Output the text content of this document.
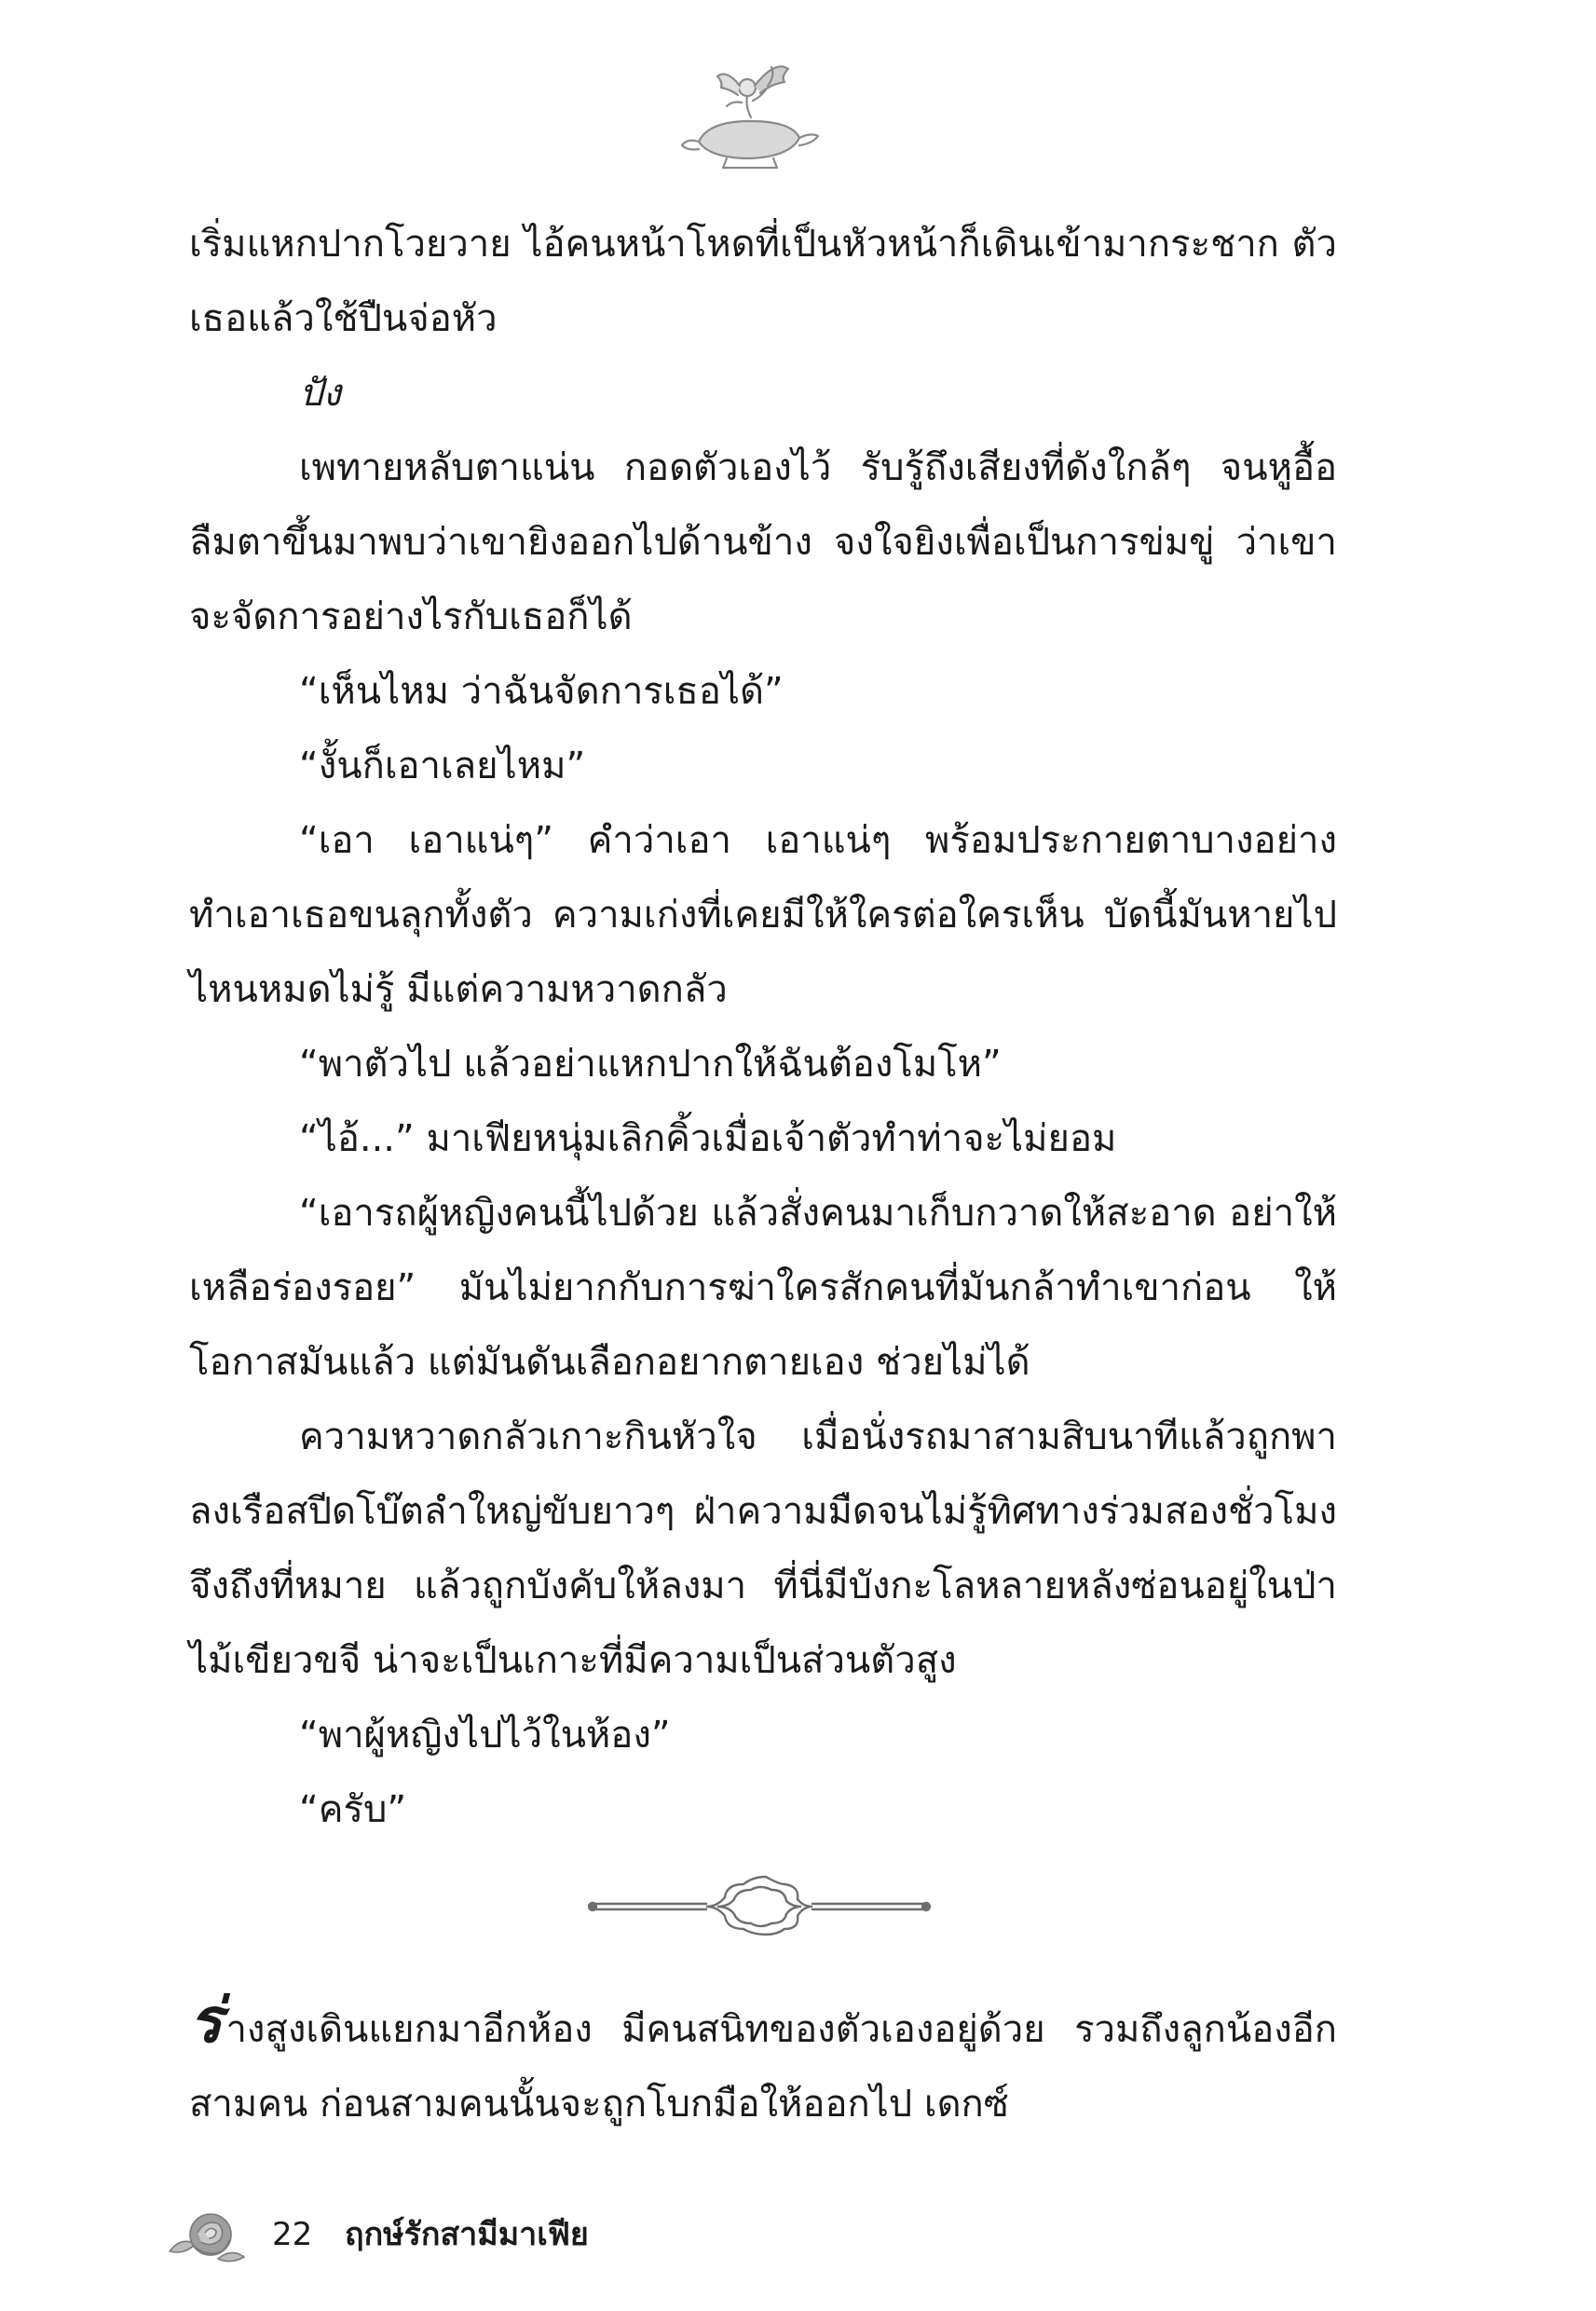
เริ่มแหกปากโวยวาย ไอ้คนหน้าโหดที่เป็นหัวหน้าก็เดินเข้ามากระชาก ตัวเธอแล้วใช้ปืนจ่อหัว

ปัง

เพทายหลับตาแน่น กอดตัวเองไว้ รับรู้ถึงเสียงที่ดังใกล้ๆ จนหูอื้อ ลืมตาขึ้นมาพบว่าเขายิงออกไปด้านข้าง จงใจยิงเพื่อเป็นการข่มขู่ ว่าเขาจะจัดการอย่างไรกับเธอก็ได้

“เห็นไหม ว่าฉันจัดการเธอได้”

“งั้นก็เอาเลยไหม”

“เอา เอาแน่ๆ” คำว่าเอา เอาแน่ๆ พร้อมประกายตาบางอย่าง ทำเอาเธอขนลุกทั้งตัว ความเก่งที่เคยมีให้ใครต่อใครเห็น บัดนี้มันหายไปไหนหมดไม่รู้ มีแต่ความหวาดกลัว

“พาตัวไป แล้วอย่าแหกปากให้ฉันต้องโมโห”

“ไอ้...” มาเฟียหนุ่มเลิกคิ้วเมื่อเจ้าตัวทำท่าจะไม่ยอม

“เอารถผู้หญิงคนนี้ไปด้วย แล้วสั่งคนมาเก็บกวาดให้สะอาด อย่าให้เหลือร่องรอย” มันไม่ยากกับการฆ่าใครสักคนที่มันกล้าทำเขาก่อน ให้โอกาสมันแล้ว แต่มันดันเลือกอยากตายเอง ช่วยไม่ได้

ความหวาดกลัวเกาะกินหัวใจ เมื่อนั่งรถมาสามสิบนาทีแล้วถูกพาลงเรือสปีดโบ๊ตลำใหญ่ขับยาวๆ ฝ่าความมืดจนไม่รู้ทิศทางร่วมสองชั่วโมงจึงถึงที่หมาย แล้วถูกบังคับให้ลงมา ที่นี่มีบังกะโลหลายหลังซ่อนอยู่ในป่าไม้เขียวขจี น่าจะเป็นเกาะที่มีความเป็นส่วนตัวสูง

“พาผู้หญิงไปไว้ในห้อง”

“ครับ”

ร่างสูงเดินแยกมาอีกห้อง มีคนสนิทของตัวเองอยู่ด้วย รวมถึงลูกน้องอีกสามคน ก่อนสามคนนั้นจะถูกโบกมือให้ออกไป เดกซ์

22 ฤกษ์รักสามีมาเฟีย
